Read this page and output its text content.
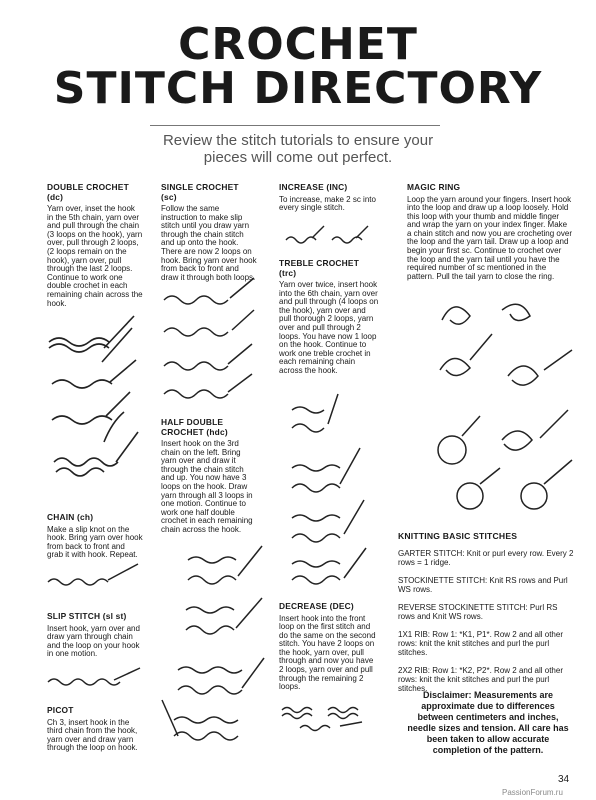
CROCHET
STITCH DIRECTORY
Review the stitch tutorials to ensure your
pieces will come out perfect.
DOUBLE CROCHET
(dc)

Yarn over, inset the hook in the 5th chain, yarn over and pull through the chain (3 loops on the hook), yarn over, pull through 2 loops, (2 loops remain on the hook), yarn over, pull through the last 2 loops. Continue to work one double crochet in each remaining chain across the hook.

CHAIN (ch)

Make a slip knot on the hook. Bring yarn over hook from back to front and grab it with hook. Repeat.

SLIP STITCH (sl st)

Insert hook, yarn over and draw yarn through chain and the loop on your hook in one motion.

PICOT

Ch 3, insert hook in the third chain from the hook, yarn over and draw yarn through the loop on hook.

SINGLE CROCHET
(sc)

Follow the same instruction to make slip stitch until you draw yarn through the chain stitch and up onto the hook. There are now 2 loops on hook. Bring yarn over hook from back to front and draw it through both loops.

HALF DOUBLE
CROCHET (hdc)

Insert hook on the 3rd chain on the left. Bring yarn over and draw it through the chain stitch and up. You now have 3 loops on the hook. Draw yarn through all 3 loops in one motion. Continue to work one half double crochet in each remaining chain across the hook.

INCREASE (INC)

To increase, make 2 sc into every single stitch.

TREBLE CROCHET
(trc)

Yarn over twice, insert hook into the 6th chain, yarn over and pull through (4 loops on the hook), yarn over and pull thorough 2 loops, yarn over and pull through 2 loops. You have now 1 loop on the hook. Continue to work one treble crochet in each remaining chain across the hook.

DECREASE (DEC)

Insert hook into the front loop on the first stitch and do the same on the second stitch. You have 2 loops on the hook, yarn over, pull through and now you have 2 loops, yarn over and pull through the remaining 2 loops.

MAGIC RING

Loop the yarn around your fingers. Insert hook into the loop and draw up a loop loosely. Hold this loop with your thumb and middle finger and wrap the yarn on your index finger. Make a chain stitch and now you are crocheting over the loop and the yarn tail. Draw up a loop and begin your first sc. Continue to crochet over the loop and the yarn tail until you have the required number of sc mentioned in the pattern. Pull the tail yarn to close the ring.

KNITTING BASIC STITCHES

GARTER STITCH: Knit or purl every row. Every 2 rows = 1 ridge.

STOCKINETTE STITCH: Knit RS rows and Purl WS rows.

REVERSE STOCKINETTE STITCH: Purl RS rows and Knit WS rows.

1X1 RIB: Row 1: *K1, P1*. Row 2 and all other rows: knit the knit stitches and purl the purl stitches.

2X2 RIB: Row 1: *K2, P2*. Row 2 and all other rows: knit the knit stitches and purl the purl stitches.

Disclaimer: Measurements are approximate due to differences between centimeters and inches, needle sizes and tension. All care has been taken to allow accurate completion of the pattern.
34
PassionForum.ru
